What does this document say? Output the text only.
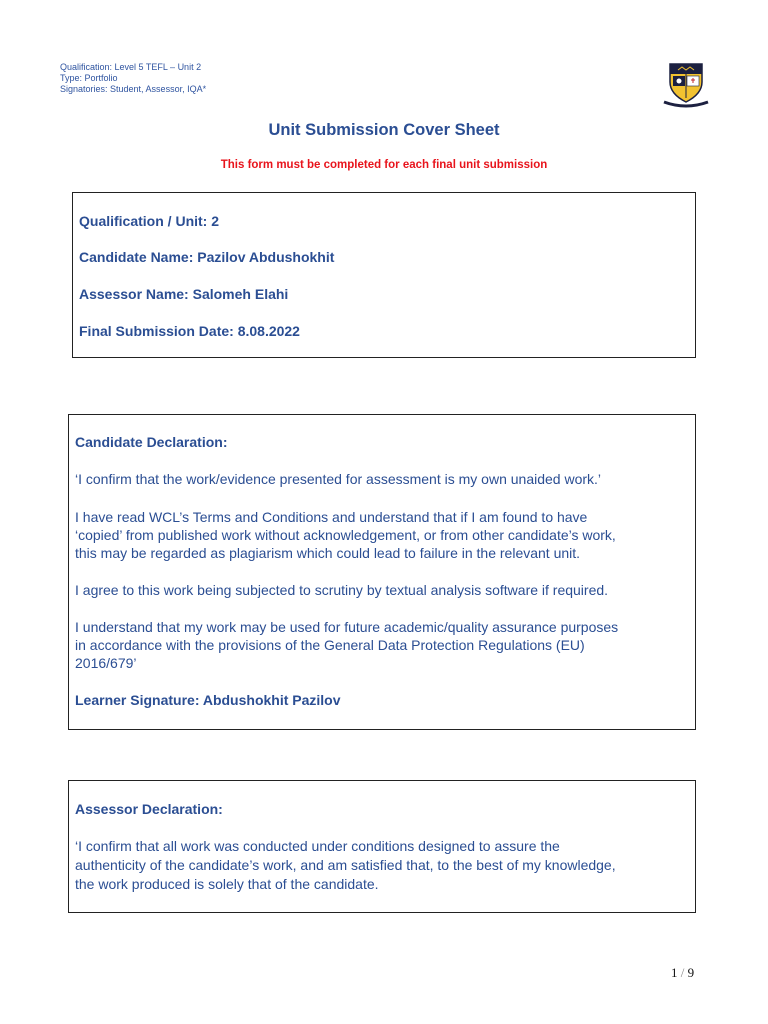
Qualification: Level 5 TEFL – Unit 2
Type: Portfolio
Signatories: Student, Assessor, IQA*
Unit Submission Cover Sheet
This form must be completed for each final unit submission
Qualification / Unit: 2
Candidate Name: Pazilov Abdushokhit
Assessor Name: Salomeh Elahi
Final Submission Date: 8.08.2022
Candidate Declaration:
‘I confirm that the work/evidence presented for assessment is my own unaided work.’
I have read WCL’s Terms and Conditions and understand that if I am found to have
‘copied’ from published work without acknowledgement, or from other candidate’s work,
this may be regarded as plagiarism which could lead to failure in the relevant unit.
I agree to this work being subjected to scrutiny by textual analysis software if required.
I understand that my work may be used for future academic/quality assurance purposes
in accordance with the provisions of the General Data Protection Regulations (EU)
2016/679’
Learner Signature: Abdushokhit Pazilov
Assessor Declaration:
‘I confirm that all work was conducted under conditions designed to assure the
authenticity of the candidate’s work, and am satisfied that, to the best of my knowledge,
the work produced is solely that of the candidate.
1 / 9
